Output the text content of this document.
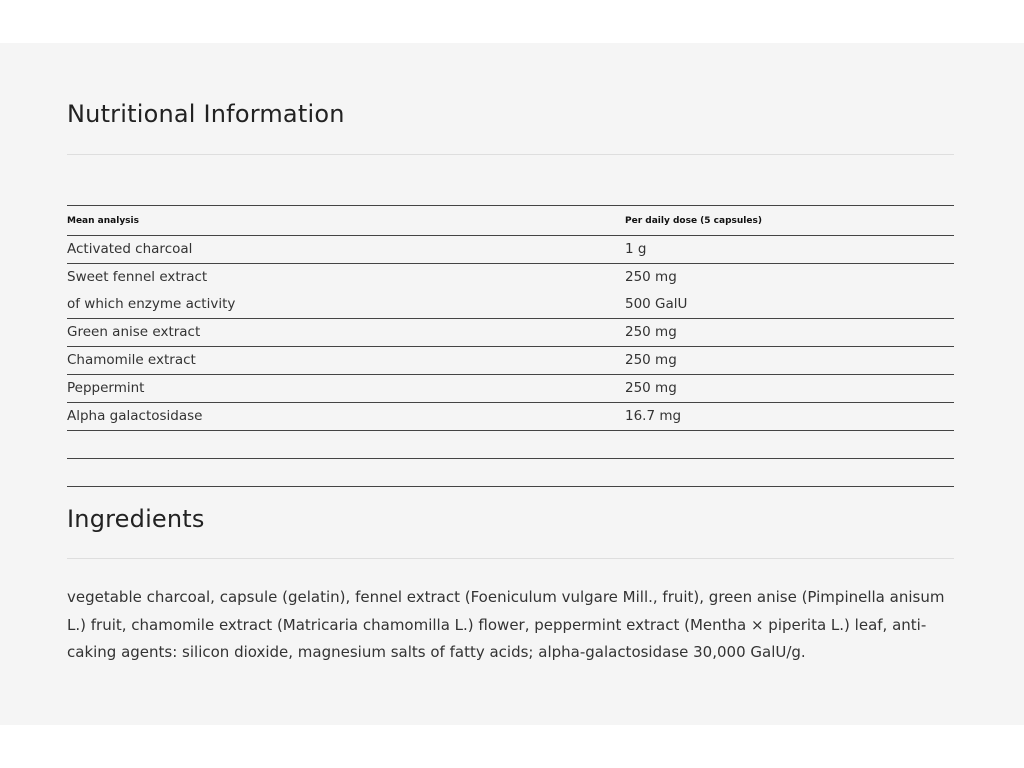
Nutritional Information
Mean analysis	Per daily dose (5 capsules)
Activated charcoal	1 g
Sweet fennel extract	250 mg
of which enzyme activity	500 GalU
Green anise extract	250 mg
Chamomile extract	250 mg
Peppermint	250 mg
Alpha galactosidase	16.7 mg
Ingredients

vegetable charcoal, capsule (gelatin), fennel extract (Foeniculum vulgare Mill., fruit), green anise (Pimpinella anisum L.) fruit, chamomile extract (Matricaria chamomilla L.) flower, peppermint extract (Mentha × piperita L.) leaf, anti-caking agents: silicon dioxide, magnesium salts of fatty acids; alpha-galactosidase 30,000 GalU/g.
